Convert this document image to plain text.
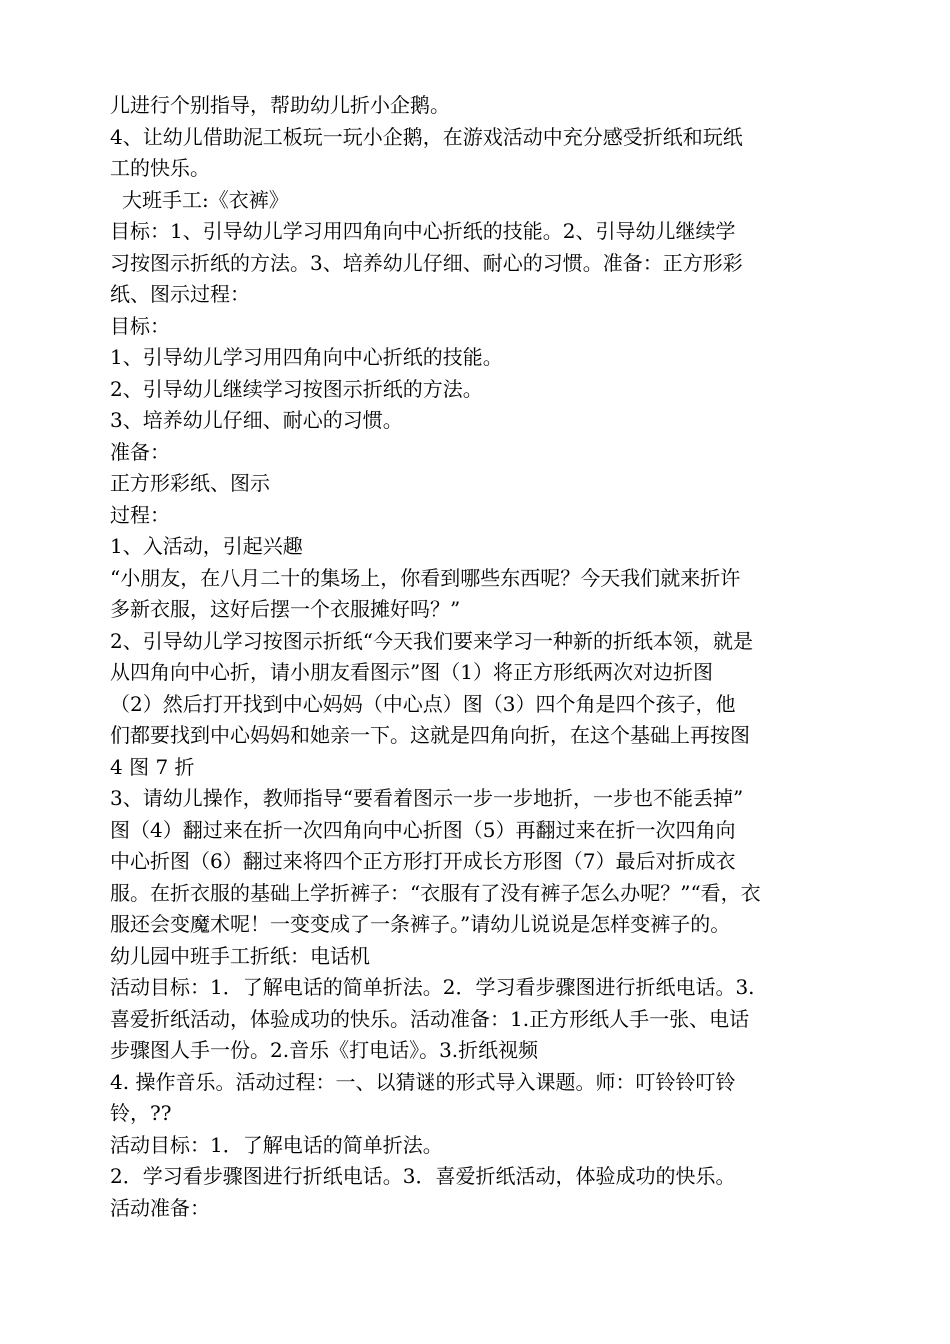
儿进行个别指导，帮助幼儿折小企鹅。
4、让幼儿借助泥工板玩一玩小企鹅，在游戏活动中充分感受折纸和玩纸
工的快乐。
大班手工:《衣裤》
目标：1、引导幼儿学习用四角向中心折纸的技能。2、引导幼儿继续学
习按图示折纸的方法。3、培养幼儿仔细、耐心的习惯。准备：正方形彩
纸、图示过程：
目标：
1、引导幼儿学习用四角向中心折纸的技能。
2、引导幼儿继续学习按图示折纸的方法。
3、培养幼儿仔细、耐心的习惯。
准备：
正方形彩纸、图示
过程：
1、入活动，引起兴趣
“小朋友，在八月二十的集场上，你看到哪些东西呢？今天我们就来折许
多新衣服，这好后摆一个衣服摊好吗？”
2、引导幼儿学习按图示折纸“今天我们要来学习一种新的折纸本领，就是
从四角向中心折，请小朋友看图示”图（1）将正方形纸两次对边折图
（2）然后打开找到中心妈妈（中心点）图（3）四个角是四个孩子，他
们都要找到中心妈妈和她亲一下。这就是四角向折，在这个基础上再按图
4 图 7 折
3、请幼儿操作，教师指导“要看着图示一步一步地折，一步也不能丢掉”
图（4）翻过来在折一次四角向中心折图（5）再翻过来在折一次四角向
中心折图（6）翻过来将四个正方形打开成长方形图（7）最后对折成衣
服。在折衣服的基础上学折裤子：“衣服有了没有裤子怎么办呢？”“看，衣
服还会变魔术呢！一变变成了一条裤子。”请幼儿说说是怎样变裤子的。
幼儿园中班手工折纸：电话机
活动目标：1．了解电话的简单折法。2．学习看步骤图进行折纸电话。3.
喜爱折纸活动，体验成功的快乐。活动准备：1.正方形纸人手一张、电话
步骤图人手一份。2.音乐《打电话》。3.折纸视频
4. 操作音乐。活动过程：一、以猜谜的形式导入课题。师：叮铃铃叮铃
铃，??
活动目标：1．了解电话的简单折法。
2．学习看步骤图进行折纸电话。3．喜爱折纸活动，体验成功的快乐。
活动准备：
